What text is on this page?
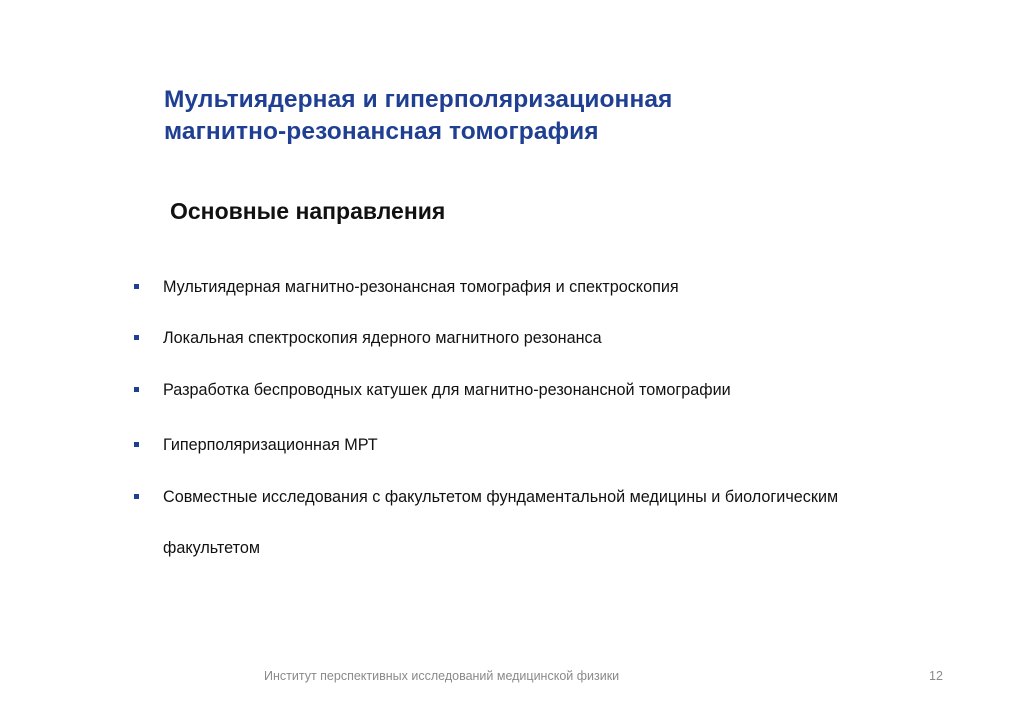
Мультиядерная и гиперполяризационная
магнитно-резонансная томография
Основные направления
Мультиядерная магнитно-резонансная томография и спектроскопия
Локальная спектроскопия ядерного магнитного резонанса
Разработка беспроводных катушек для магнитно-резонансной томографии
Гиперполяризационная МРТ
Совместные исследования с факультетом фундаментальной медицины и биологическим
факультетом
Институт перспективных исследований медицинской физики	12
